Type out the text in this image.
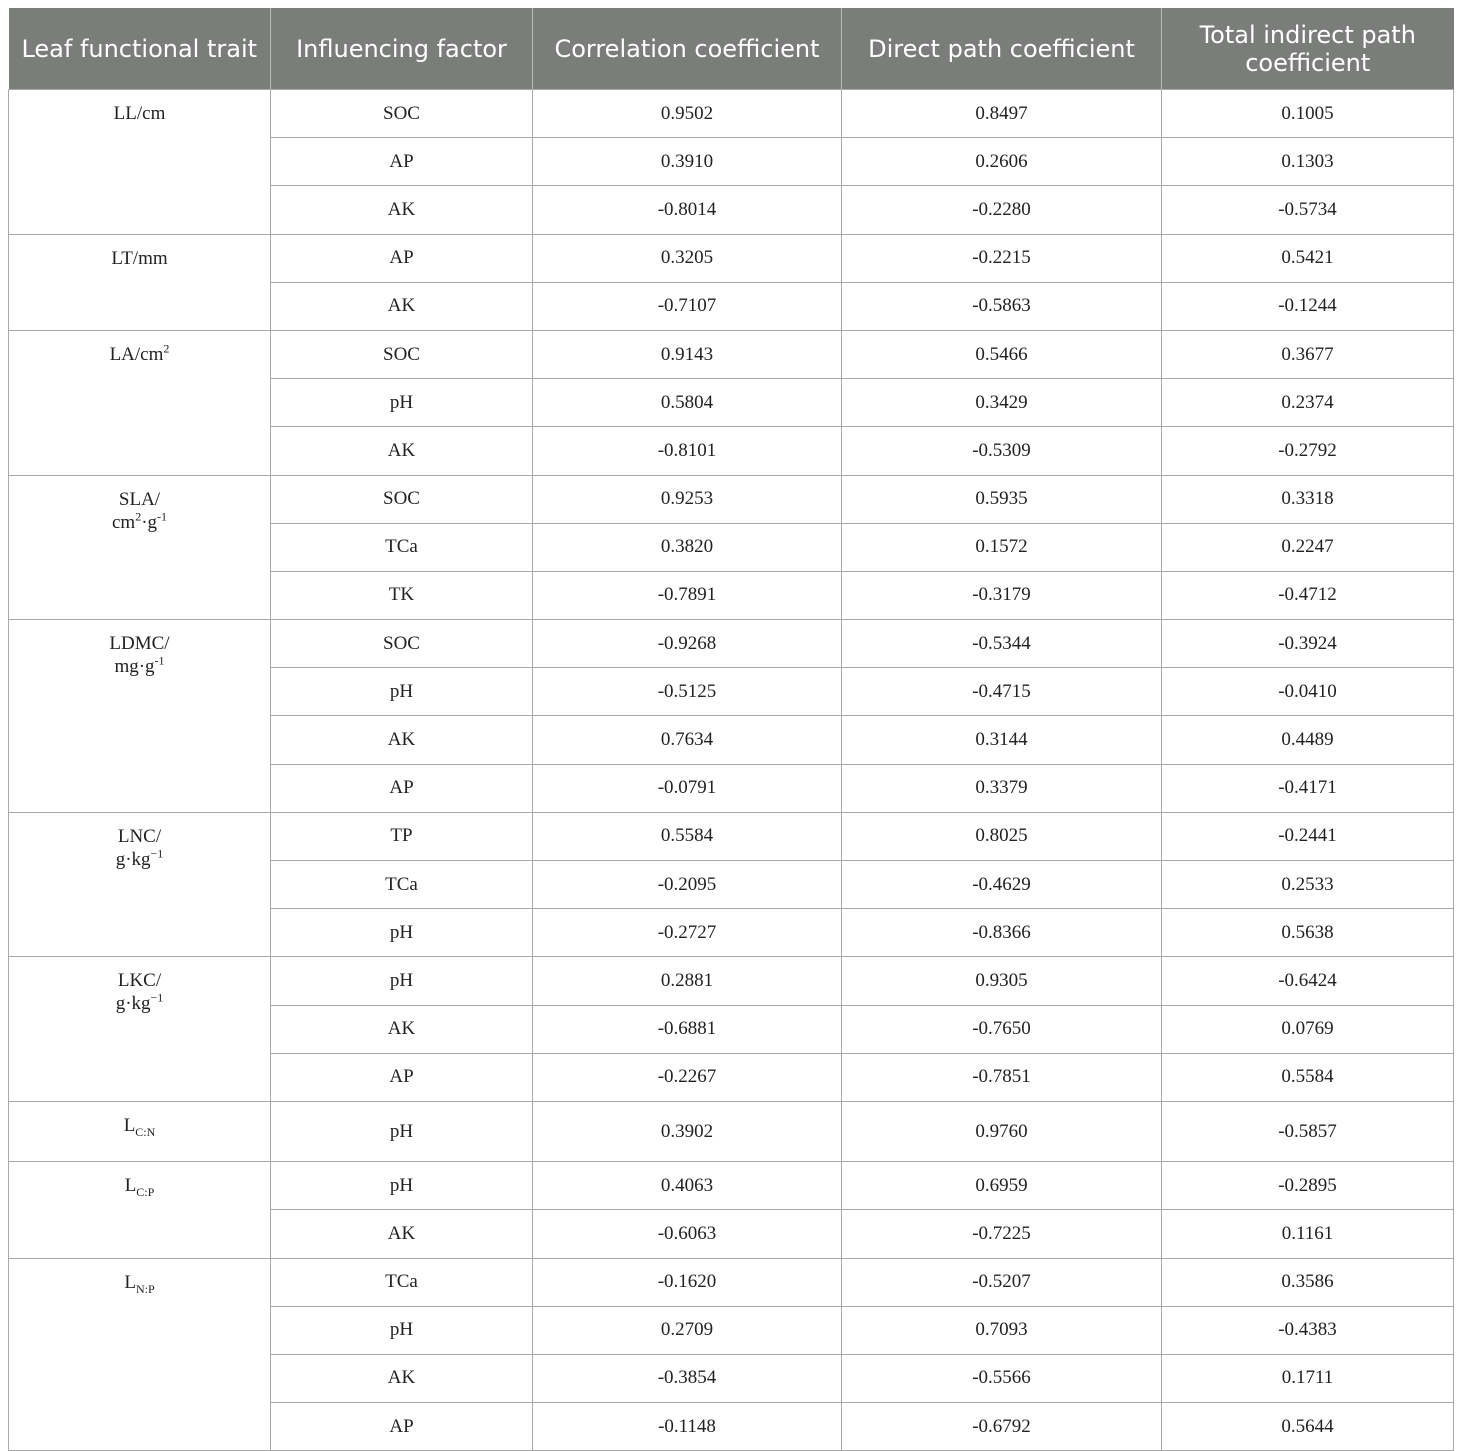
Leaf functional trait	Influencing factor	Correlation coefficient	Direct path coefficient	Total indirect path coefficient
LL/cm	SOC	0.9502	0.8497	0.1005
	AP	0.3910	0.2606	0.1303
	AK	-0.8014	-0.2280	-0.5734
LT/mm	AP	0.3205	-0.2215	0.5421
	AK	-0.7107	-0.5863	-0.1244
$LA/cm^2$	SOC	0.9143	0.5466	0.3677
	pH	0.5804	0.3429	0.2374
	AK	-0.8101	-0.5309	-0.2792
SLA/
$cm^2\cdot g^{-1}$	SOC	0.9253	0.5935	0.3318
	TCa	0.3820	0.1572	0.2247
	TK	-0.7891	-0.3179	-0.4712
LDMC/
$mg\cdot g^{-1}$	SOC	-0.9268	-0.5344	-0.3924
	pH	-0.5125	-0.4715	-0.0410
	AK	0.7634	0.3144	0.4489
	AP	-0.0791	0.3379	-0.4171
LNC/
$g\cdot kg^{-1}$	TP	0.5584	0.8025	-0.2441
	TCa	-0.2095	-0.4629	0.2533
	pH	-0.2727	-0.8366	0.5638
LKC/
$g\cdot kg^{-1}$	pH	0.2881	0.9305	-0.6424
	AK	-0.6881	-0.7650	0.0769
	AP	-0.2267	-0.7851	0.5584
$L_{C:N}$	pH	0.3902	0.9760	-0.5857
$L_{C:P}$	pH	0.4063	0.6959	-0.2895
	AK	-0.6063	-0.7225	0.1161
$L_{N:P}$	TCa	-0.1620	-0.5207	0.3586
	pH	0.2709	0.7093	-0.4383
	AK	-0.3854	-0.5566	0.1711
	AP	-0.1148	-0.6792	0.5644
